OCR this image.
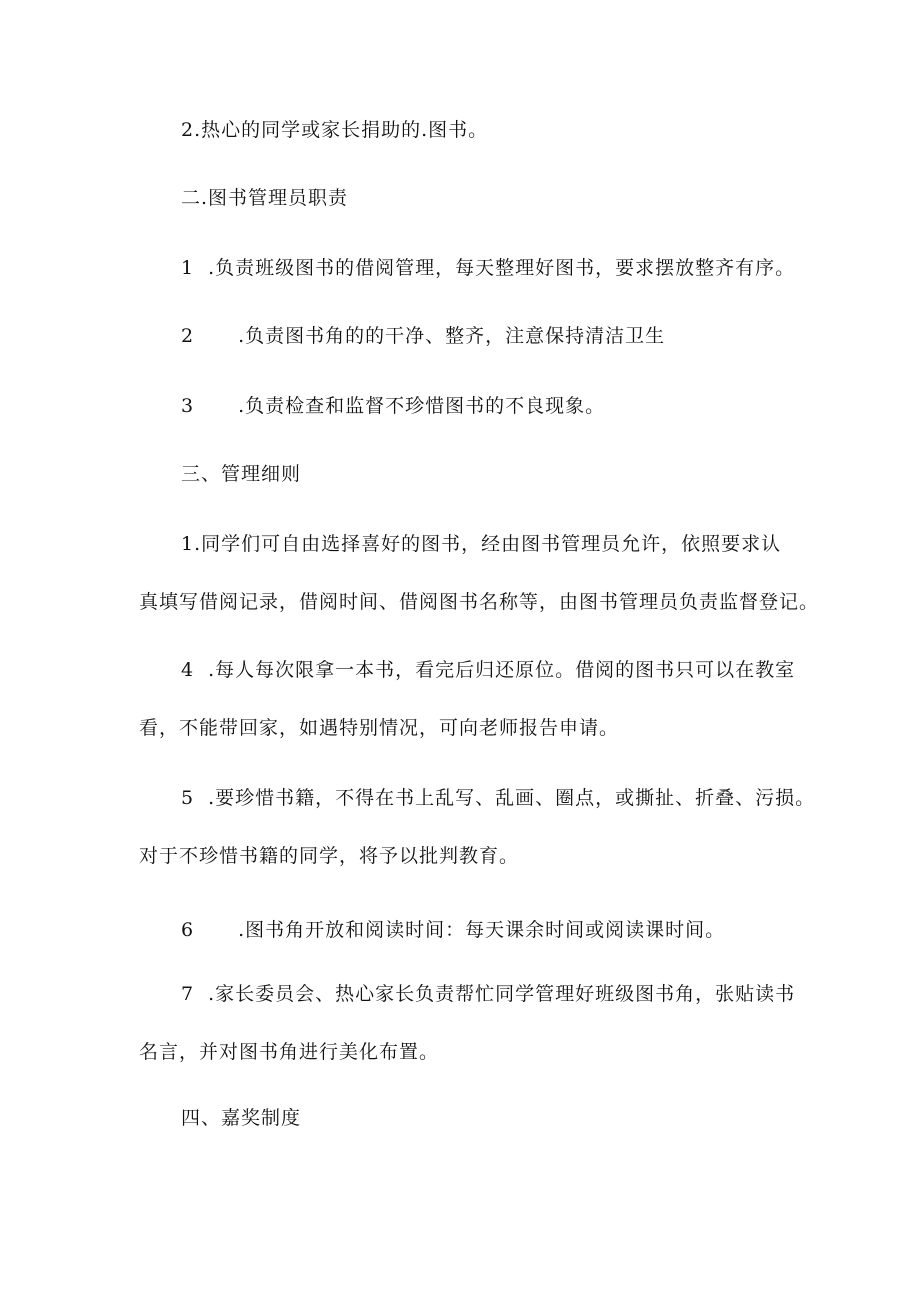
2.热心的同学或家长捐助的.图书。
二.图书管理员职责
1 .负责班级图书的借阅管理，每天整理好图书，要求摆放整齐有序。
2 .负责图书角的的干净、整齐，注意保持清洁卫生
3 .负责检查和监督不珍惜图书的不良现象。
三、管理细则
1.同学们可自由选择喜好的图书，经由图书管理员允许，依照要求认
真填写借阅记录，借阅时间、借阅图书名称等，由图书管理员负责监督登记。
4 .每人每次限拿一本书，看完后归还原位。借阅的图书只可以在教室
看，不能带回家，如遇特别情况，可向老师报告申请。
5 .要珍惜书籍，不得在书上乱写、乱画、圈点，或撕扯、折叠、污损。
对于不珍惜书籍的同学，将予以批判教育。
6 .图书角开放和阅读时间：每天课余时间或阅读课时间。
7 .家长委员会、热心家长负责帮忙同学管理好班级图书角，张贴读书
名言，并对图书角进行美化布置。
四、嘉奖制度
